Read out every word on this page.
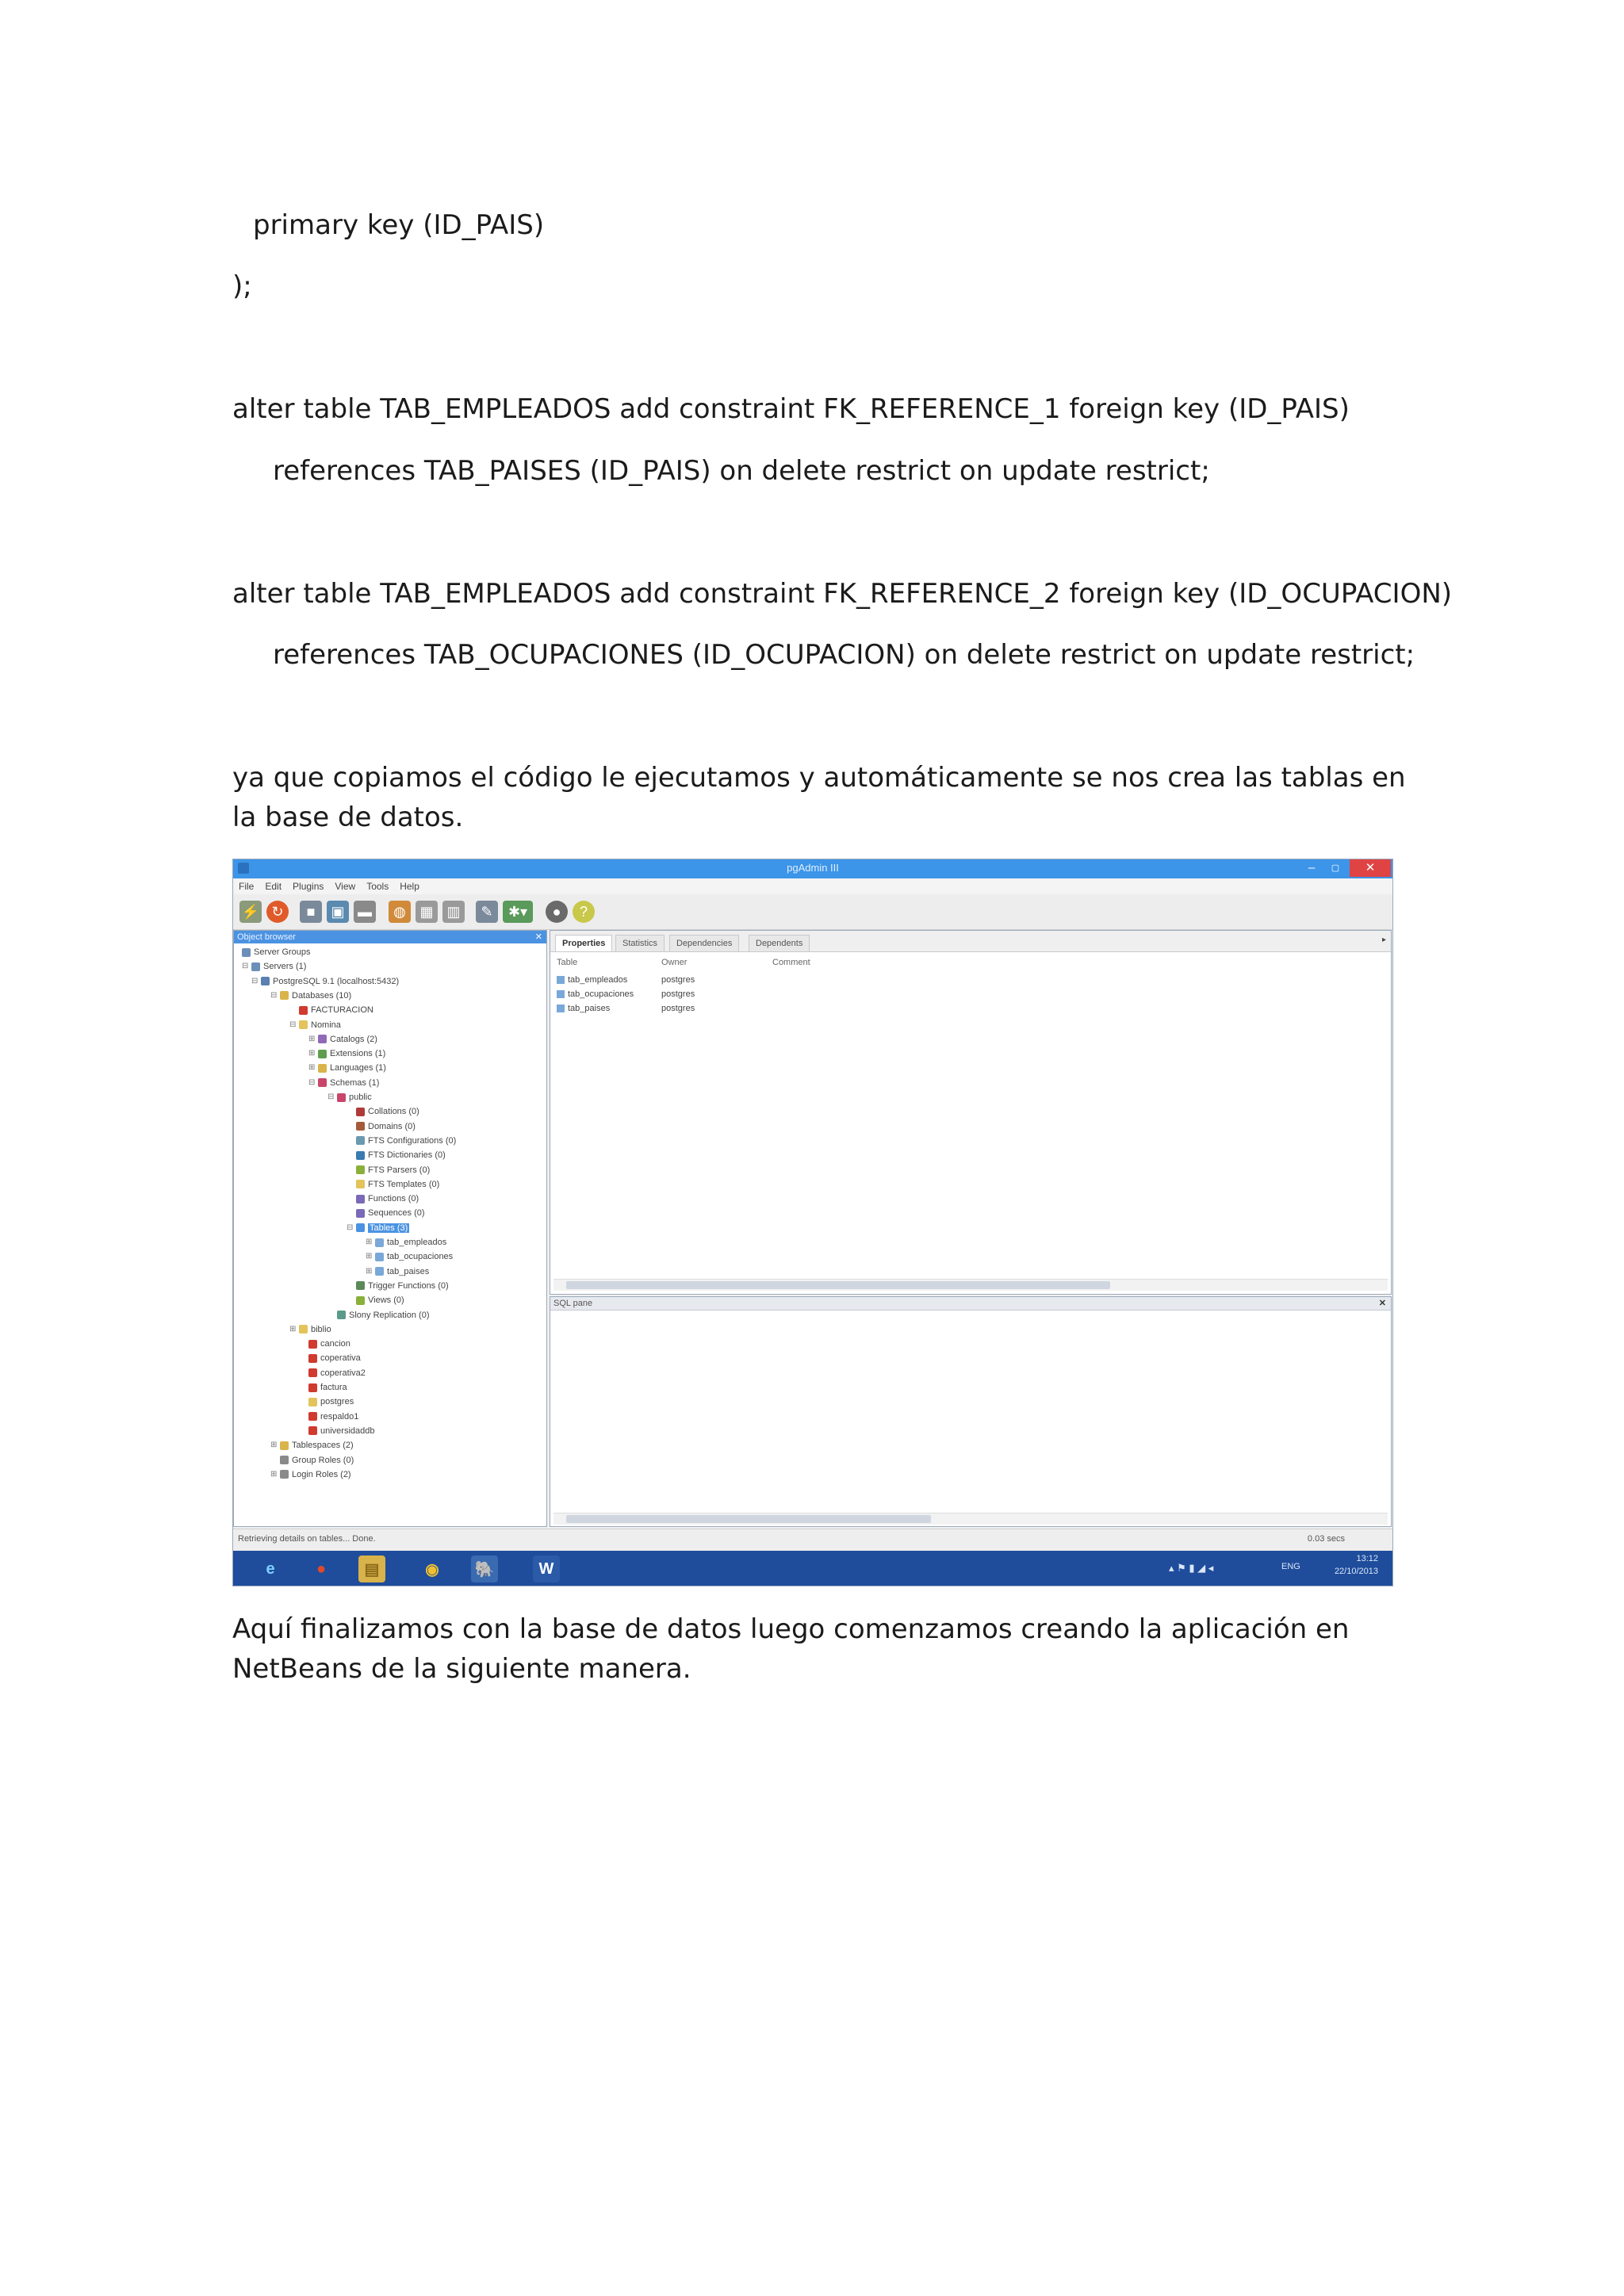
primary key (ID_PAIS)
);
alter table TAB_EMPLEADOS add constraint FK_REFERENCE_1 foreign key (ID_PAIS)
references TAB_PAISES (ID_PAIS) on delete restrict on update restrict;
alter table TAB_EMPLEADOS add constraint FK_REFERENCE_2 foreign key (ID_OCUPACION)
references TAB_OCUPACIONES (ID_OCUPACION) on delete restrict on update restrict;
ya que copiamos el código le ejecutamos y automáticamente se nos crea las tablas en la base de datos.
pgAdmin III	–	▢	✕
File Edit Plugins View Tools Help
⚡ ↻	■	▣ ▬	◍ ▦ ▥	✎	✱▾	●	?
Object browser	✕
Server Groups
⊟ Servers (1)
⊟ PostgreSQL 9.1 (localhost:5432)
⊟ Databases (10)
FACTURACION
⊟ Nomina
⊞ Catalogs (2)
⊞ Extensions (1)
⊞ Languages (1)
⊟ Schemas (1)
⊟ public
Collations (0)
Domains (0)
FTS Configurations (0)
FTS Dictionaries (0)
FTS Parsers (0)
FTS Templates (0)
Functions (0)
Sequences (0)
⊟ Tables (3)
⊞ tab_empleados
⊞ tab_ocupaciones
⊞ tab_paises
Trigger Functions (0)
Views (0)
Slony Replication (0)
⊞ biblio
cancion
coperativa
coperativa2
factura
postgres
respaldo1
universidaddb
⊞ Tablespaces (2)
Group Roles (0)
⊞ Login Roles (2)
Properties	Statistics	Dependencies	Dependents	▸
Table	Owner	Comment
tab_empleados	postgres
tab_ocupaciones	postgres
tab_paises	postgres
SQL pane	✕
Retrieving details on tables... Done.	0.03 secs
e	●	▤	◉	🐘	W	▴ ⚑ ▮ ◢ ◂	ENG
13:12
22/10/2013
Aquí finalizamos con la base de datos luego comenzamos creando la aplicación en NetBeans de la siguiente manera.
